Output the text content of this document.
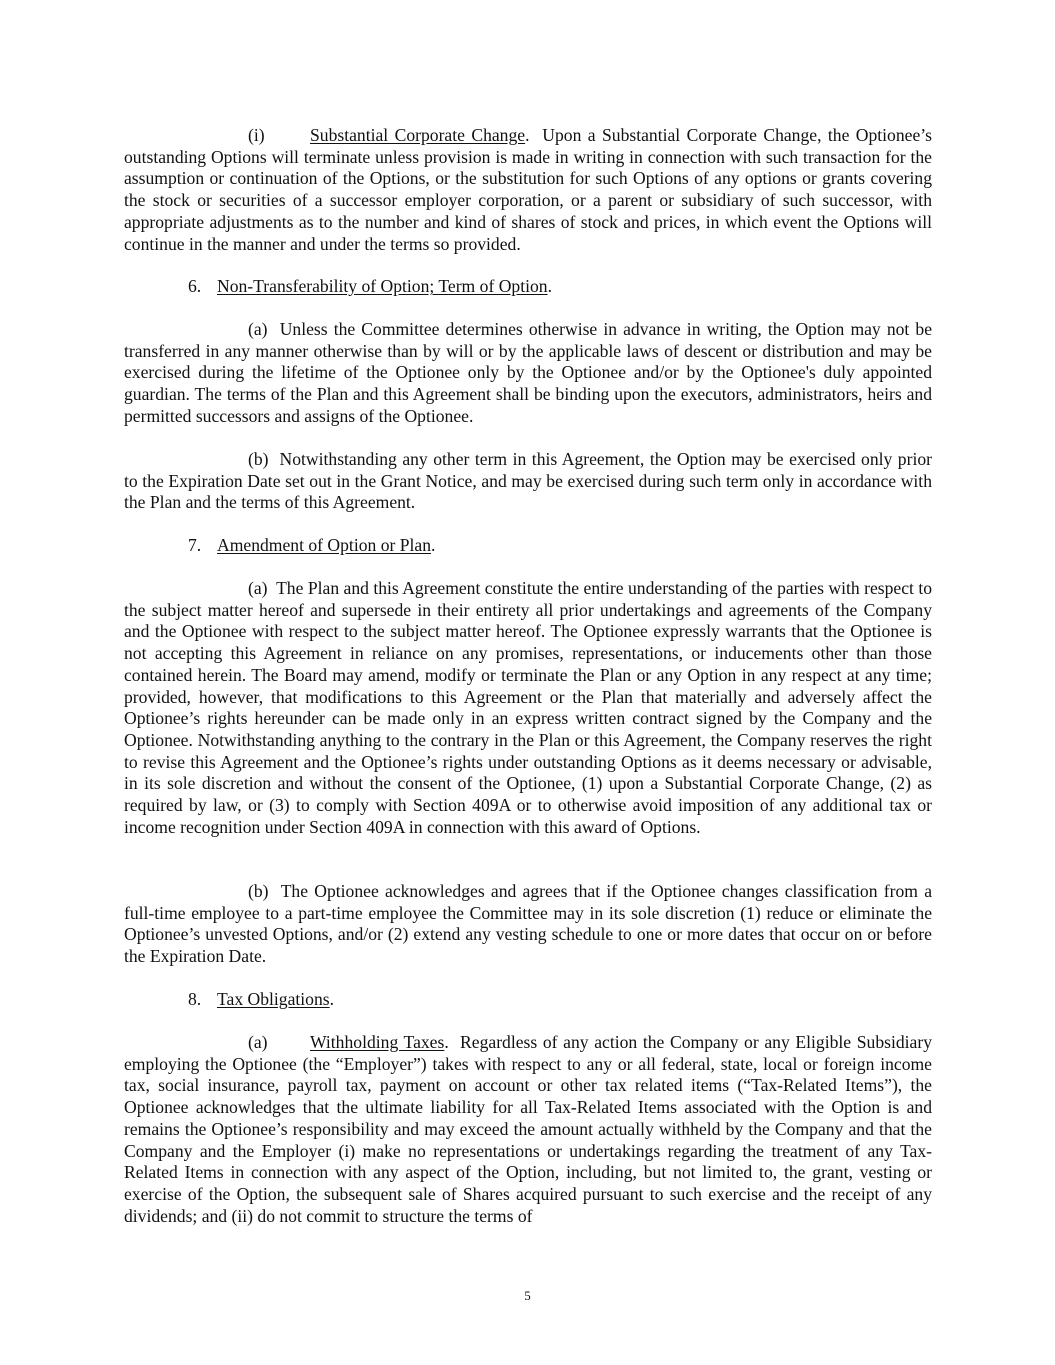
(i)	Substantial Corporate Change. Upon a Substantial Corporate Change, the Optionee’s outstanding Options will terminate unless provision is made in writing in connection with such transaction for the assumption or continuation of the Options, or the substitution for such Options of any options or grants covering the stock or securities of a successor employer corporation, or a parent or subsidiary of such successor, with appropriate adjustments as to the number and kind of shares of stock and prices, in which event the Options will continue in the manner and under the terms so provided.

6. Non-Transferability of Option; Term of Option.

(a) Unless the Committee determines otherwise in advance in writing, the Option may not be transferred in any manner otherwise than by will or by the applicable laws of descent or distribution and may be exercised during the lifetime of the Optionee only by the Optionee and/or by the Optionee's duly appointed guardian. The terms of the Plan and this Agreement shall be binding upon the executors, administrators, heirs and permitted successors and assigns of the Optionee.

(b) Notwithstanding any other term in this Agreement, the Option may be exercised only prior to the Expiration Date set out in the Grant Notice, and may be exercised during such term only in accordance with the Plan and the terms of this Agreement.

7. Amendment of Option or Plan.

(a) The Plan and this Agreement constitute the entire understanding of the parties with respect to the subject matter hereof and supersede in their entirety all prior undertakings and agreements of the Company and the Optionee with respect to the subject matter hereof. The Optionee expressly warrants that the Optionee is not accepting this Agreement in reliance on any promises, representations, or inducements other than those contained herein. The Board may amend, modify or terminate the Plan or any Option in any respect at any time; provided, however, that modifications to this Agreement or the Plan that materially and adversely affect the Optionee’s rights hereunder can be made only in an express written contract signed by the Company and the Optionee. Notwithstanding anything to the contrary in the Plan or this Agreement, the Company reserves the right to revise this Agreement and the Optionee’s rights under outstanding Options as it deems necessary or advisable, in its sole discretion and without the consent of the Optionee, (1) upon a Substantial Corporate Change, (2) as required by law, or (3) to comply with Section 409A or to otherwise avoid imposition of any additional tax or income recognition under Section 409A in connection with this award of Options.

(b) The Optionee acknowledges and agrees that if the Optionee changes classification from a full-time employee to a part-time employee the Committee may in its sole discretion (1) reduce or eliminate the Optionee’s unvested Options, and/or (2) extend any vesting schedule to one or more dates that occur on or before the Expiration Date.

8. Tax Obligations.

(a) Withholding Taxes. Regardless of any action the Company or any Eligible Subsidiary employing the Optionee (the “Employer”) takes with respect to any or all federal, state, local or foreign income tax, social insurance, payroll tax, payment on account or other tax related items (“Tax-Related Items”), the Optionee acknowledges that the ultimate liability for all Tax-Related Items associated with the Option is and remains the Optionee’s responsibility and may exceed the amount actually withheld by the Company and that the Company and the Employer (i) make no representations or undertakings regarding the treatment of any Tax-Related Items in connection with any aspect of the Option, including, but not limited to, the grant, vesting or exercise of the Option, the subsequent sale of Shares acquired pursuant to such exercise and the receipt of any dividends; and (ii) do not commit to structure the terms of

5
